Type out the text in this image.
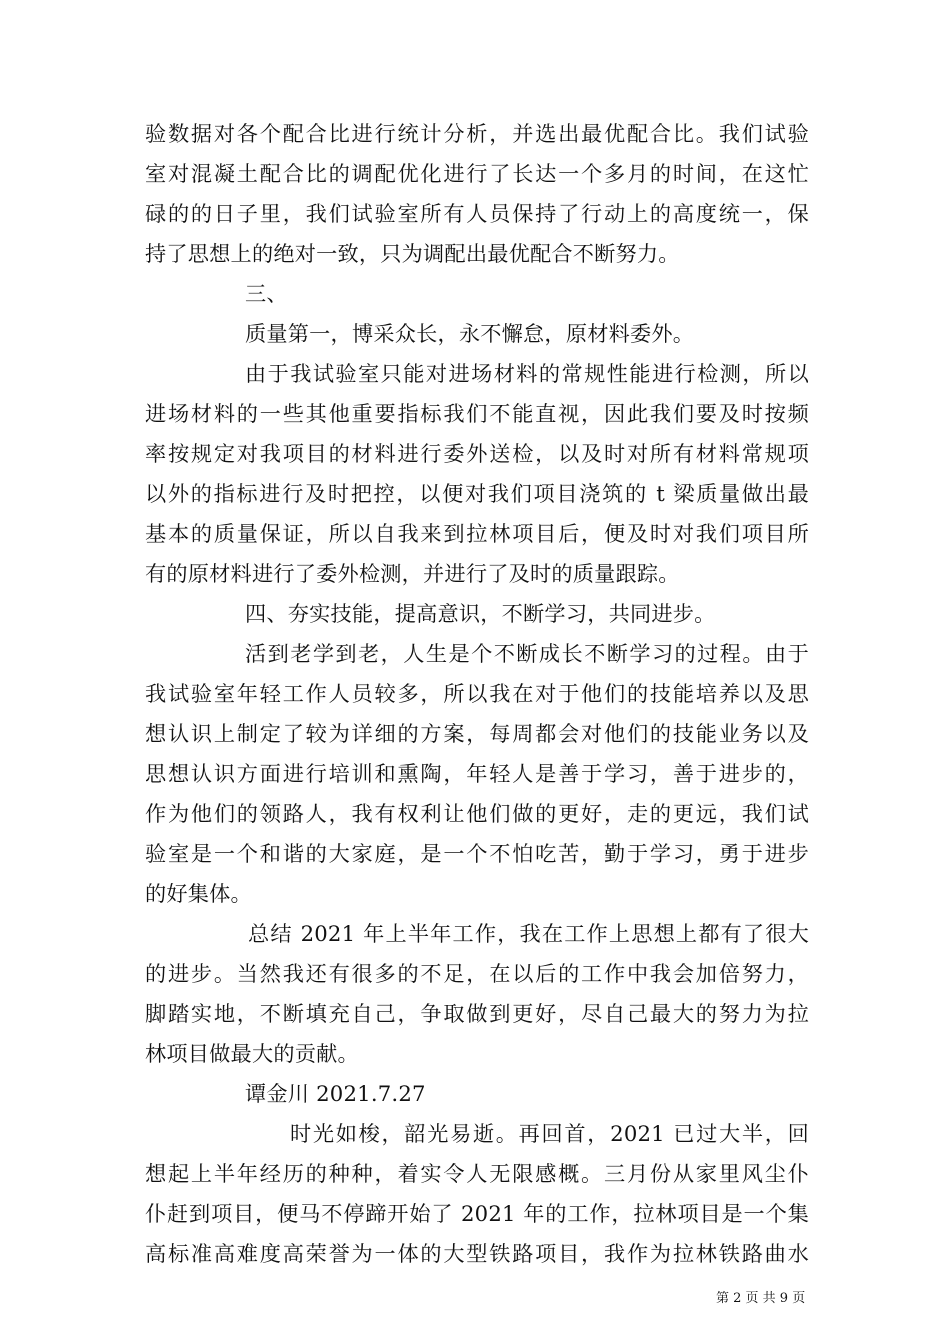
验数据对各个配合比进行统计分析，并选出最优配合比。我们试验
室对混凝土配合比的调配优化进行了长达一个多月的时间，在这忙
碌的的日子里，我们试验室所有人员保持了行动上的高度统一，保
持了思想上的绝对一致，只为调配出最优配合不断努力。
三、
质量第一，博采众长，永不懈怠，原材料委外。
由于我试验室只能对进场材料的常规性能进行检测，所以
进场材料的一些其他重要指标我们不能直视，因此我们要及时按频
率按规定对我项目的材料进行委外送检，以及时对所有材料常规项
以外的指标进行及时把控，以便对我们项目浇筑的 t 梁质量做出最
基本的质量保证，所以自我来到拉林项目后，便及时对我们项目所
有的原材料进行了委外检测，并进行了及时的质量跟踪。
四、夯实技能，提高意识，不断学习，共同进步。
活到老学到老，人生是个不断成长不断学习的过程。由于
我试验室年轻工作人员较多，所以我在对于他们的技能培养以及思
想认识上制定了较为详细的方案，每周都会对他们的技能业务以及
思想认识方面进行培训和熏陶，年轻人是善于学习，善于进步的，
作为他们的领路人，我有权利让他们做的更好，走的更远，我们试
验室是一个和谐的大家庭，是一个不怕吃苦，勤于学习，勇于进步
的好集体。
总结 2021 年上半年工作，我在工作上思想上都有了很大
的进步。当然我还有很多的不足，在以后的工作中我会加倍努力，
脚踏实地，不断填充自己，争取做到更好，尽自己最大的努力为拉
林项目做最大的贡献。
谭金川 2021.7.27
时光如梭，韶光易逝。再回首，2021 已过大半，回
想起上半年经历的种种，着实令人无限感概。三月份从家里风尘仆
仆赶到项目，便马不停蹄开始了 2021 年的工作，拉林项目是一个集
高标准高难度高荣誉为一体的大型铁路项目，我作为拉林铁路曲水
第 2 页 共 9 页
